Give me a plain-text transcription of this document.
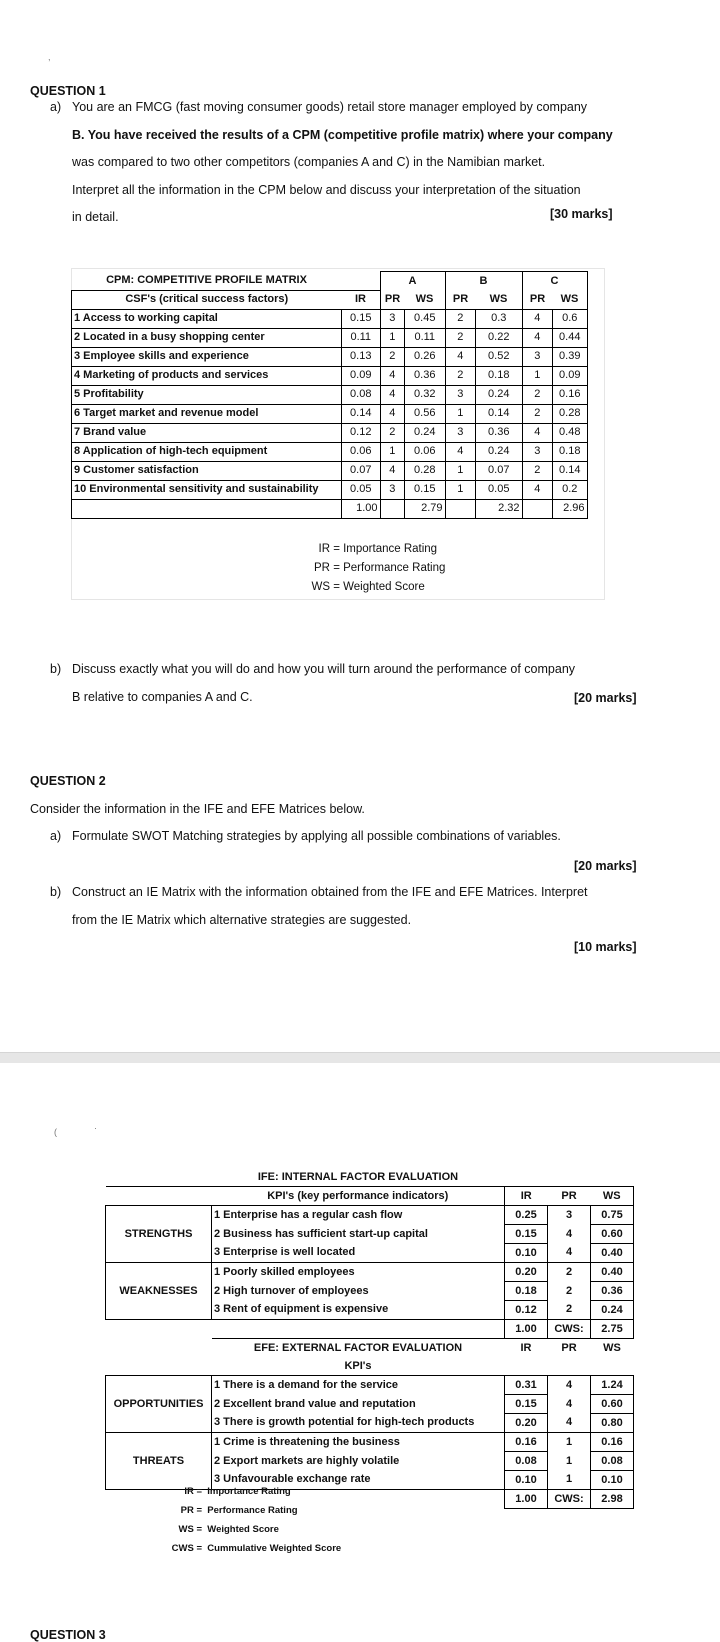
,
QUESTION 1
a) You are an FMCG (fast moving consumer goods) retail store manager employed by company
B. You have received the results of a CPM (competitive profile matrix) where your company
was compared to two other competitors (companies A and C) in the Namibian market.
Interpret all the information in the CPM below and discuss your interpretation of the situation
in detail.	[30 marks]
CPM: COMPETITIVE PROFILE MATRIX		A		B		C	
CSF's (critical success factors)	IR	PR	WS	PR	WS	PR	WS
1 Access to working capital	0.15	3	0.45	2	0.3	4	0.6
2 Located in a busy shopping center	0.11	1	0.11	2	0.22	4	0.44
3 Employee skills and experience	0.13	2	0.26	4	0.52	3	0.39
4 Marketing of products and services	0.09	4	0.36	2	0.18	1	0.09
5 Profitability	0.08	4	0.32	3	0.24	2	0.16
6 Target market and revenue model	0.14	4	0.56	1	0.14	2	0.28
7 Brand value	0.12	2	0.24	3	0.36	4	0.48
8 Application of high-tech equipment	0.06	1	0.06	4	0.24	3	0.18
9 Customer satisfaction	0.07	4	0.28	1	0.07	2	0.14
10 Environmental sensitivity and sustainability	0.05	3	0.15	1	0.05	4	0.2
	1.00		2.79		2.32		2.96
IR = Importance Rating
PR = Performance Rating
WS = Weighted Score
b) Discuss exactly what you will do and how you will turn around the performance of company
B relative to companies A and C.	[20 marks]
QUESTION 2
Consider the information in the IFE and EFE Matrices below.
a) Formulate SWOT Matching strategies by applying all possible combinations of variables.
[20 marks]
b) Construct an IE Matrix with the information obtained from the IFE and EFE Matrices. Interpret
from the IE Matrix which alternative strategies are suggested.
[10 marks]
(	·
	IFE: INTERNAL FACTOR EVALUATION			
	KPI's (key performance indicators)	IR	PR	WS
	1 Enterprise has a regular cash flow	0.25	3	0.75
STRENGTHS	2 Business has sufficient start-up capital	0.15	4	0.60
	3 Enterprise is well located	0.10	4	0.40
	1 Poorly skilled employees	0.20	2	0.40
WEAKNESSES	2 High turnover of employees	0.18	2	0.36
	3 Rent of equipment is expensive	0.12	2	0.24
		1.00	CWS:	2.75
	EFE: EXTERNAL FACTOR EVALUATION	IR	PR	WS
	KPI's			
	1 There is a demand for the service	0.31	4	1.24
OPPORTUNITIES	2 Excellent brand value and reputation	0.15	4	0.60
	3 There is growth potential for high-tech products	0.20	4	0.80
	1 Crime is threatening the business	0.16	1	0.16
THREATS	2 Export markets are highly volatile	0.08	1	0.08
	3 Unfavourable exchange rate	0.10	1	0.10
		1.00	CWS:	2.98
IR = Importance Rating
PR = Performance Rating
WS = Weighted Score
CWS = Cummulative Weighted Score
QUESTION 3
